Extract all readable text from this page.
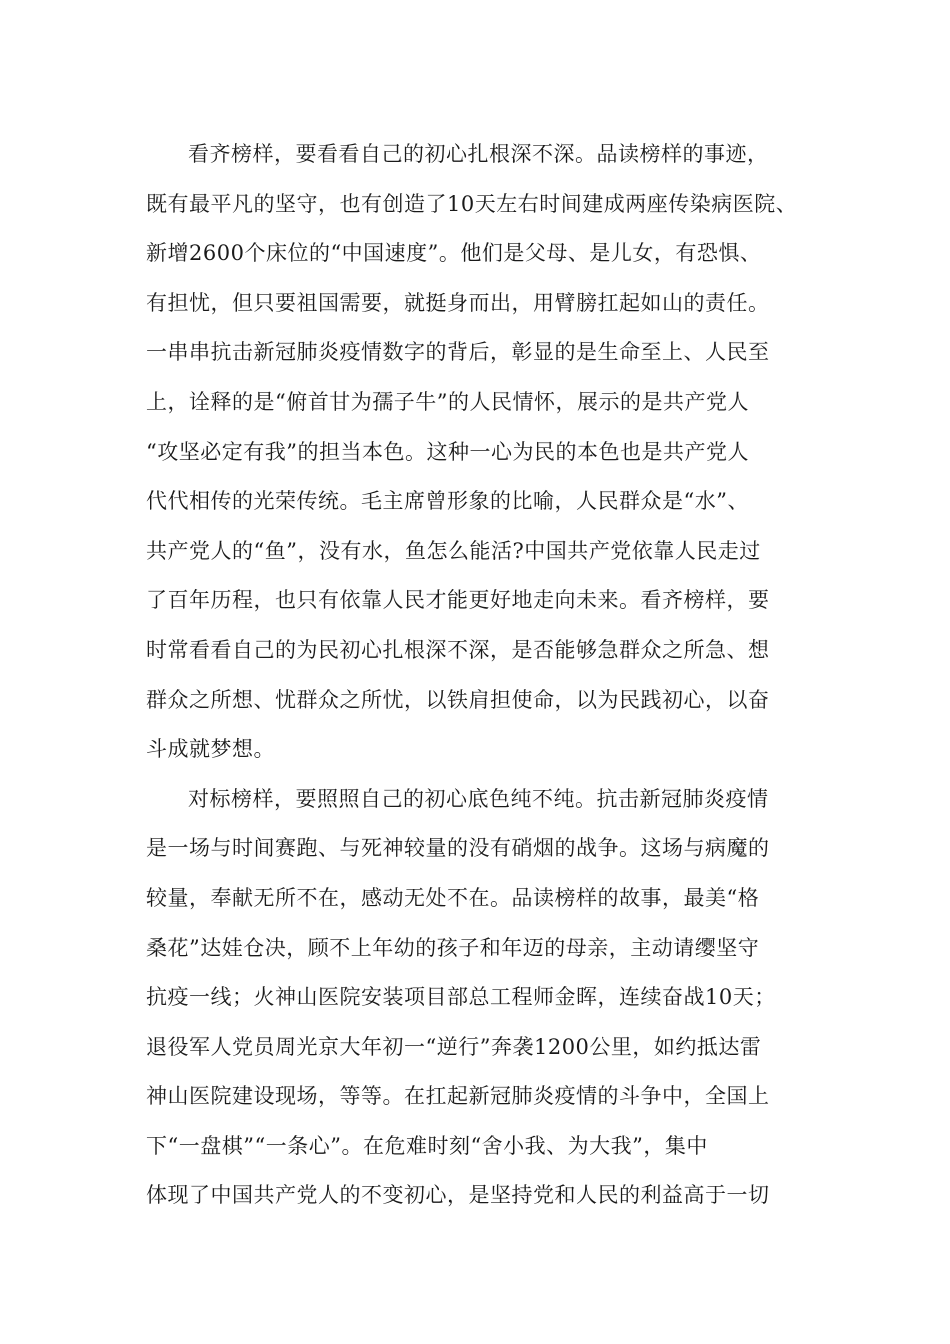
看齐榜样，要看看自己的初心扎根深不深。品读榜样的事迹，
既有最平凡的坚守，也有创造了10天左右时间建成两座传染病医院、
新增2600个床位的“中国速度”。他们是父母、是儿女，有恐惧、
有担忧，但只要祖国需要，就挺身而出，用臂膀扛起如山的责任。
一串串抗击新冠肺炎疫情数字的背后，彰显的是生命至上、人民至
上，诠释的是“俯首甘为孺子牛”的人民情怀，展示的是共产党人
“攻坚必定有我”的担当本色。这种一心为民的本色也是共产党人
代代相传的光荣传统。毛主席曾形象的比喻，人民群众是“水”、
共产党人的“鱼”，没有水，鱼怎么能活?中国共产党依靠人民走过
了百年历程，也只有依靠人民才能更好地走向未来。看齐榜样，要
时常看看自己的为民初心扎根深不深，是否能够急群众之所急、想
群众之所想、忧群众之所忧，以铁肩担使命，以为民践初心，以奋
斗成就梦想。
对标榜样，要照照自己的初心底色纯不纯。抗击新冠肺炎疫情
是一场与时间赛跑、与死神较量的没有硝烟的战争。这场与病魔的
较量，奉献无所不在，感动无处不在。品读榜样的故事，最美“格
桑花”达娃仓决，顾不上年幼的孩子和年迈的母亲，主动请缨坚守
抗疫一线；火神山医院安装项目部总工程师金晖，连续奋战10天；
退役军人党员周光京大年初一“逆行”奔袭1200公里，如约抵达雷
神山医院建设现场，等等。在扛起新冠肺炎疫情的斗争中，全国上
下“一盘棋”“一条心”。在危难时刻“舍小我、为大我”，集中
体现了中国共产党人的不变初心，是坚持党和人民的利益高于一切
